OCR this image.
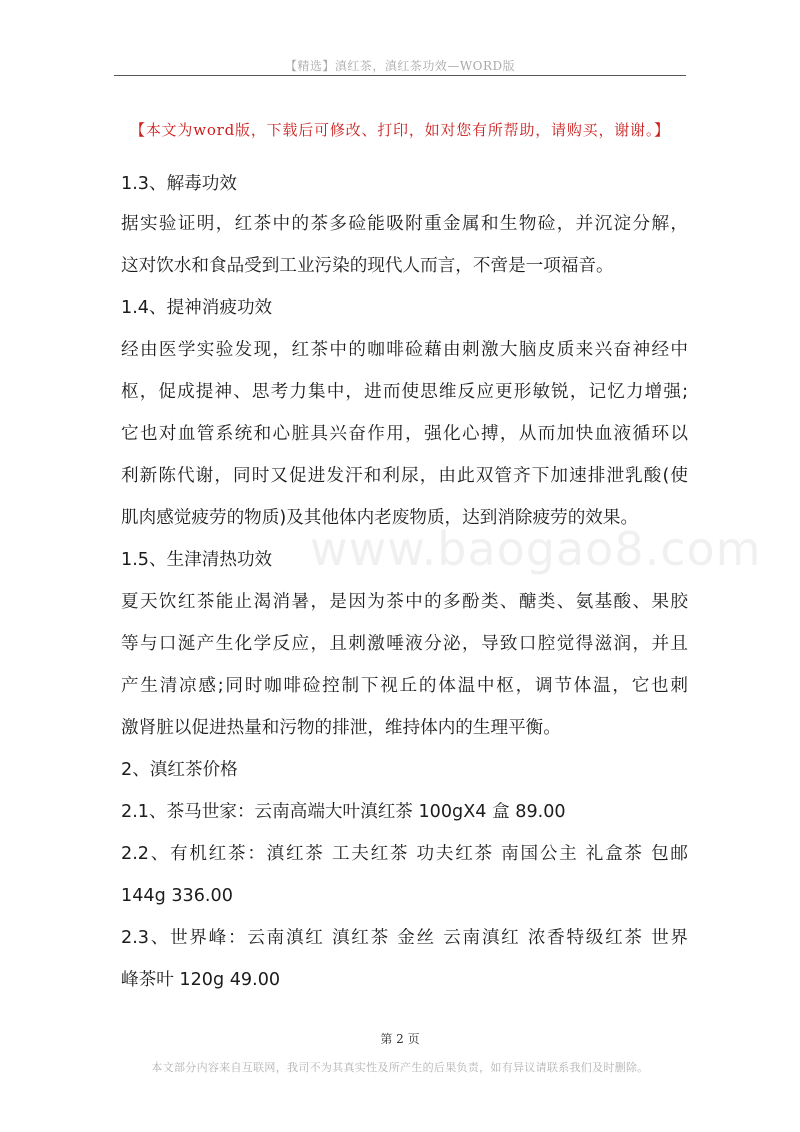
【精选】滇红茶，滇红茶功效—WORD版
【本文为word版，下载后可修改、打印，如对您有所帮助，请购买，谢谢。】
www.baogao8.com
1.3、解毒功效
据实验证明，红茶中的茶多硷能吸附重金属和生物硷，并沉淀分解，
这对饮水和食品受到工业污染的现代人而言，不啻是一项福音。
1.4、提神消疲功效
经由医学实验发现，红茶中的咖啡硷藉由刺激大脑皮质来兴奋神经中
枢，促成提神、思考力集中，进而使思维反应更形敏锐，记忆力增强;
它也对血管系统和心脏具兴奋作用，强化心搏，从而加快血液循环以
利新陈代谢，同时又促进发汗和利尿，由此双管齐下加速排泄乳酸(使
肌肉感觉疲劳的物质)及其他体内老废物质，达到消除疲劳的效果。
1.5、生津清热功效
夏天饮红茶能止渴消暑，是因为茶中的多酚类、醣类、氨基酸、果胶
等与口涎产生化学反应，且刺激唾液分泌，导致口腔觉得滋润，并且
产生清凉感;同时咖啡硷控制下视丘的体温中枢，调节体温，它也刺
激肾脏以促进热量和污物的排泄，维持体内的生理平衡。
2、滇红茶价格
2.1、茶马世家：云南高端大叶滇红茶 100gX4 盒 89.00
2.2、有机红茶：滇红茶 工夫红茶 功夫红茶 南国公主 礼盒茶 包邮
144g 336.00
2.3、世界峰：云南滇红 滇红茶 金丝 云南滇红 浓香特级红茶 世界
峰茶叶 120g 49.00
第 2 页
本文部分内容来自互联网，我司不为其真实性及所产生的后果负责，如有异议请联系我们及时删除。
